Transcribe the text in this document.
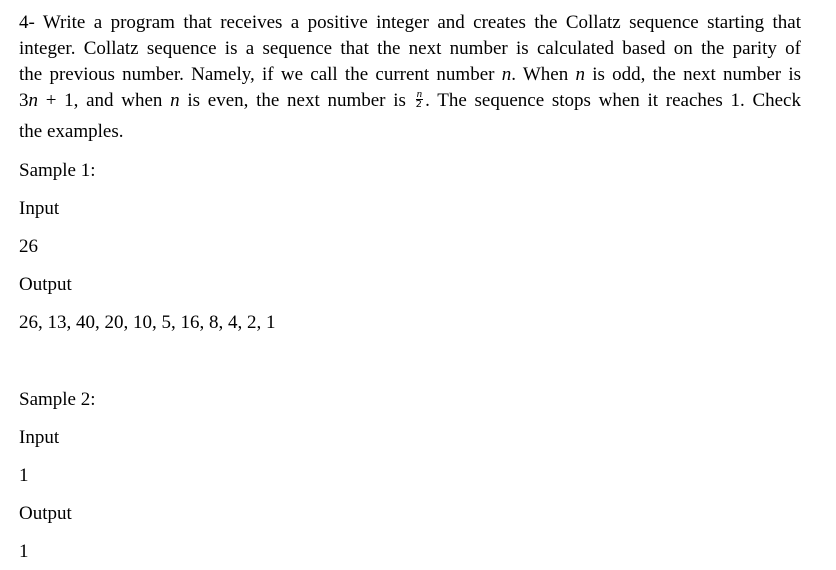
4- Write a program that receives a positive integer and creates the Collatz sequence starting that
integer. Collatz sequence is a sequence that the next number is calculated based on the parity of
the previous number. Namely, if we call the current number n. When n is odd, the next number is
3n + 1, and when n is even, the next number is $\frac{n}{2}$ . The sequence stops when it reaches 1. Check
the examples.
Sample 1:
Input
26
Output
26, 13, 40, 20, 10, 5, 16, 8, 4, 2, 1
Sample 2:
Input
1
Output
1
